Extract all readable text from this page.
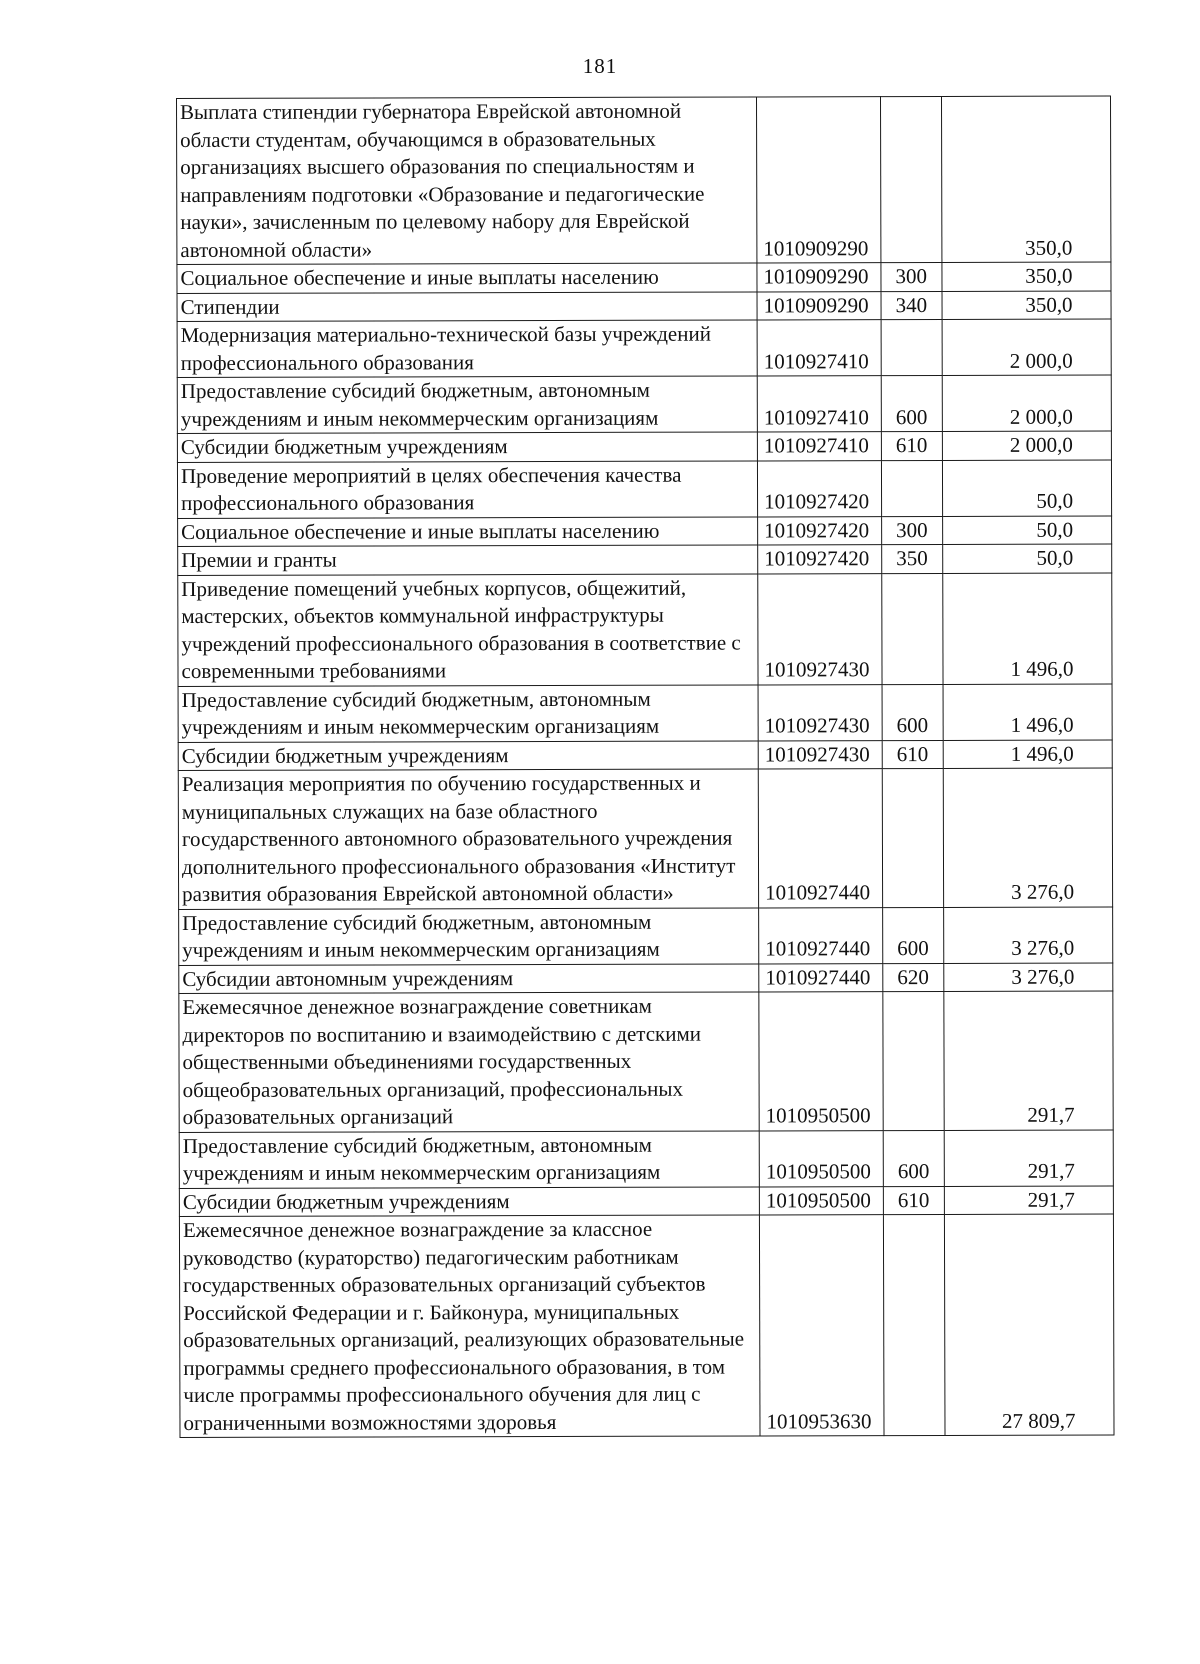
181
Выплата стипендии губернатора Еврейской автономной области студентам, обучающимся в образовательных организациях высшего образования по специальностям и направлениям подготовки «Образование и педагогические науки», зачисленным по целевому набору для Еврейской автономной области»	1010909290		350,0
Социальное обеспечение и иные выплаты населению	1010909290	300	350,0
Стипендии	1010909290	340	350,0
Модернизация материально-технической базы учреждений профессионального образования	1010927410		2 000,0
Предоставление субсидий бюджетным, автономным учреждениям и иным некоммерческим организациям	1010927410	600	2 000,0
Субсидии бюджетным учреждениям	1010927410	610	2 000,0
Проведение мероприятий в целях обеспечения качества профессионального образования	1010927420		50,0
Социальное обеспечение и иные выплаты населению	1010927420	300	50,0
Премии и гранты	1010927420	350	50,0
Приведение помещений учебных корпусов, общежитий, мастерских, объектов коммунальной инфраструктуры учреждений профессионального образования в соответствие с современными требованиями	1010927430		1 496,0
Предоставление субсидий бюджетным, автономным учреждениям и иным некоммерческим организациям	1010927430	600	1 496,0
Субсидии бюджетным учреждениям	1010927430	610	1 496,0
Реализация мероприятия по обучению государственных и муниципальных служащих на базе областного государственного автономного образовательного учреждения дополнительного профессионального образования «Институт развития образования Еврейской автономной области»	1010927440		3 276,0
Предоставление субсидий бюджетным, автономным учреждениям и иным некоммерческим организациям	1010927440	600	3 276,0
Субсидии автономным учреждениям	1010927440	620	3 276,0
Ежемесячное денежное вознаграждение советникам директоров по воспитанию и взаимодействию с детскими общественными объединениями государственных общеобразовательных организаций, профессиональных образовательных организаций	1010950500		291,7
Предоставление субсидий бюджетным, автономным учреждениям и иным некоммерческим организациям	1010950500	600	291,7
Субсидии бюджетным учреждениям	1010950500	610	291,7
Ежемесячное денежное вознаграждение за классное руководство (кураторство) педагогическим работникам государственных образовательных организаций субъектов Российской Федерации и г. Байконура, муниципальных образовательных организаций, реализующих образовательные программы среднего профессионального образования, в том числе программы профессионального обучения для лиц с ограниченными возможностями здоровья	1010953630		27 809,7
